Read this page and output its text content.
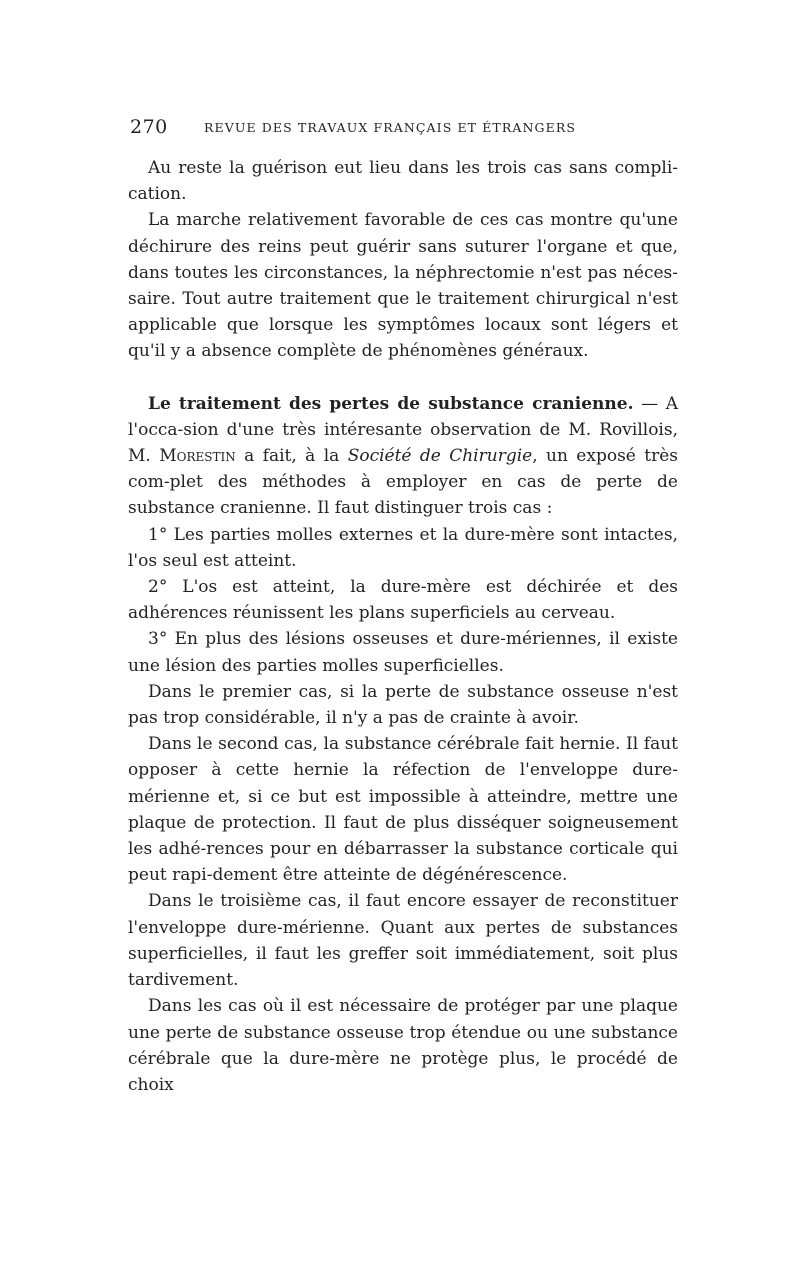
270	REVUE DES TRAVAUX FRANÇAIS ET ÉTRANGERS

Au reste la guérison eut lieu dans les trois cas sans compli-cation.

La marche relativement favorable de ces cas montre qu'une déchirure des reins peut guérir sans suturer l'organe et que, dans toutes les circonstances, la néphrectomie n'est pas néces-saire. Tout autre traitement que le traitement chirurgical n'est applicable que lorsque les symptômes locaux sont légers et qu'il y a absence complète de phénomènes généraux.

Le traitement des pertes de substance cranienne. — A l'occa-sion d'une très intéresante observation de M. Rovillois, M. Morestin a fait, à la Société de Chirurgie, un exposé très com-plet des méthodes à employer en cas de perte de substance cranienne. Il faut distinguer trois cas :

1° Les parties molles externes et la dure-mère sont intactes, l'os seul est atteint.

2° L'os est atteint, la dure-mère est déchirée et des adhérences réunissent les plans superficiels au cerveau.

3° En plus des lésions osseuses et dure-mériennes, il existe une lésion des parties molles superficielles.

Dans le premier cas, si la perte de substance osseuse n'est pas trop considérable, il n'y a pas de crainte à avoir.

Dans le second cas, la substance cérébrale fait hernie. Il faut opposer à cette hernie la réfection de l'enveloppe dure-mérienne et, si ce but est impossible à atteindre, mettre une plaque de protection. Il faut de plus disséquer soigneusement les adhé-rences pour en débarrasser la substance corticale qui peut rapi-dement être atteinte de dégénérescence.

Dans le troisième cas, il faut encore essayer de reconstituer l'enveloppe dure-mérienne. Quant aux pertes de substances superficielles, il faut les greffer soit immédiatement, soit plus tardivement.

Dans les cas où il est nécessaire de protéger par une plaque une perte de substance osseuse trop étendue ou une substance cérébrale que la dure-mère ne protège plus, le procédé de choix
